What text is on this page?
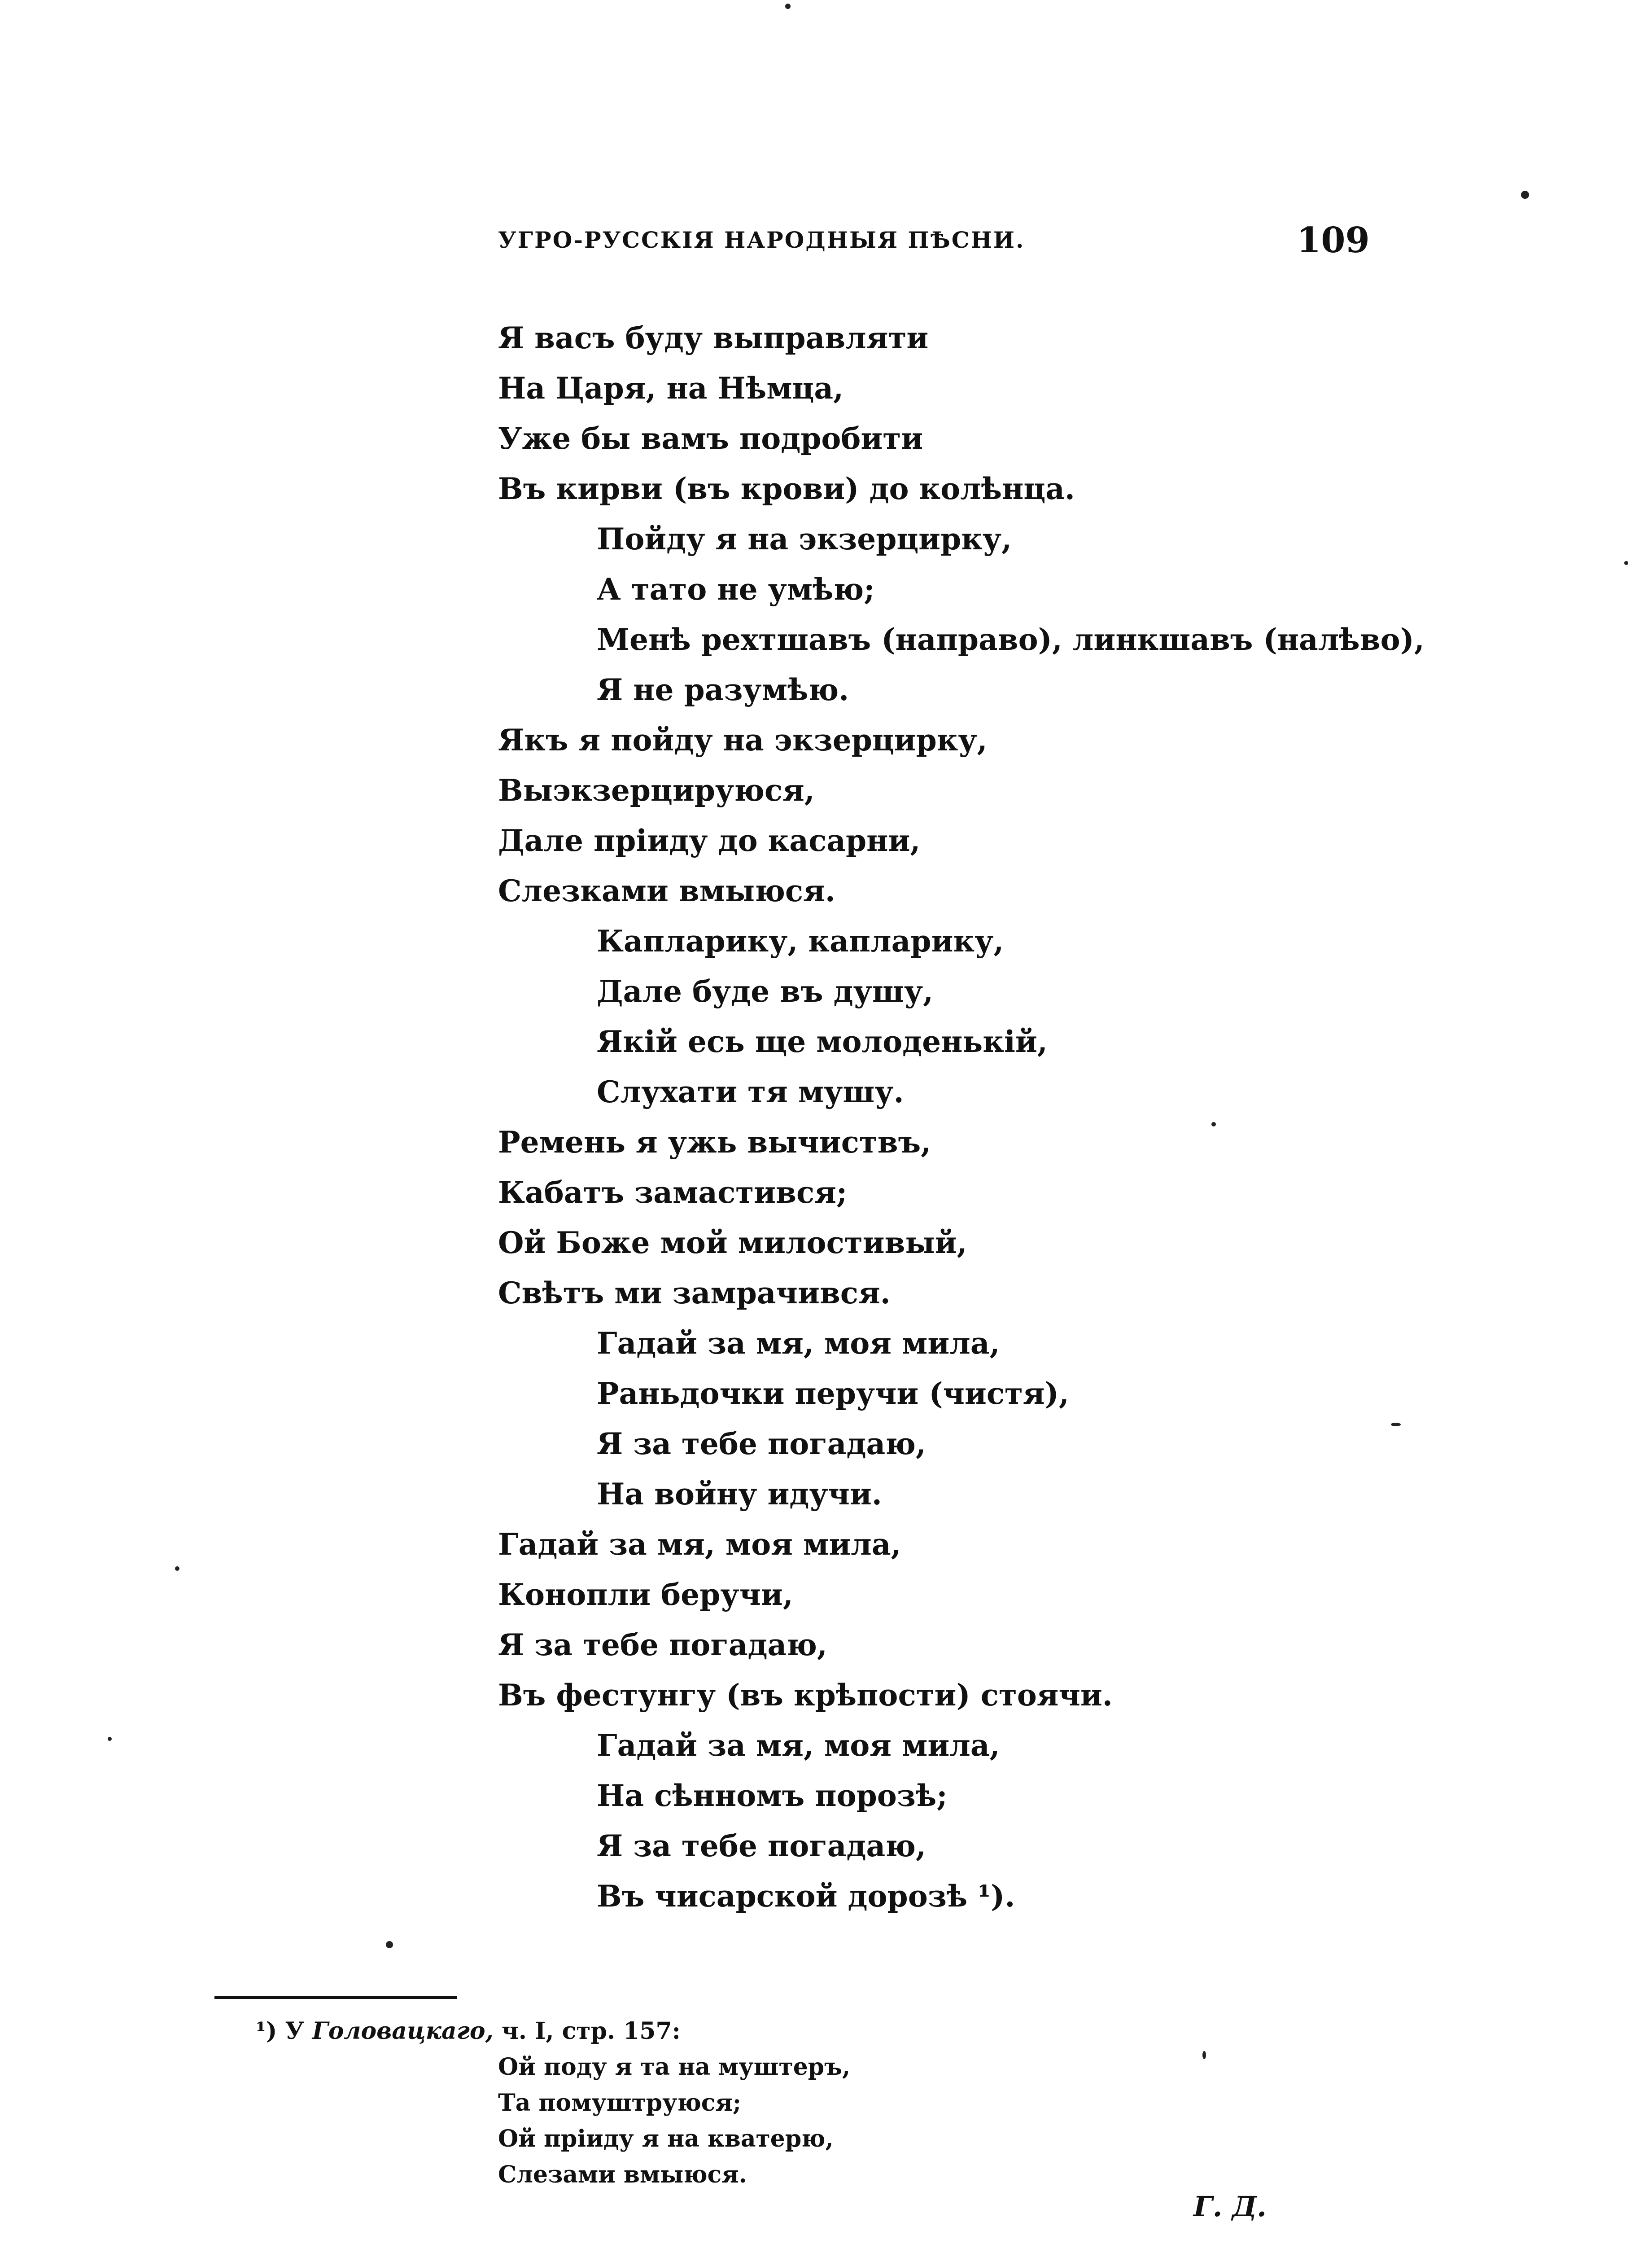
УГРО-РУССКІЯ НАРОДНЫЯ ПѢСНИ.	109
Я васъ буду выправляти
На Царя, на Нѣмца,
Уже бы вамъ подробити
Въ кирви (въ крови) до колѣнца.
Пойду я на экзерцирку,
А тато не умѣю;
Менѣ рехтшавъ (направо), линкшавъ (налѣво),
Я не разумѣю.
Якъ я пойду на экзерцирку,
Выэкзерцируюся,
Дале пріиду до касарни,
Слезками вмыюся.
Капларику, капларику,
Дале буде въ душу,
Якій есь ще молоденькій,
Слухати тя мушу.
Ремень я ужь вычиствъ,
Кабатъ замастився;
Ой Боже мой милостивый,
Свѣтъ ми замрачився.
Гадай за мя, моя мила,
Раньдочки перучи (чистя),
Я за тебе погадаю,
На войну идучи.
Гадай за мя, моя мила,
Конопли беручи,
Я за тебе погадаю,
Въ фестунгу (въ крѣпости) стоячи.
Гадай за мя, моя мила,
На сѣнномъ порозѣ;
Я за тебе погадаю,
Въ чисарской дорозѣ ¹).
¹) У Головацкаго, ч. I, стр. 157:
Ой поду я та на муштеръ,
Та помуштруюся;
Ой пріиду я на кватерю,
Слезами вмыюся.
Г. Д.
